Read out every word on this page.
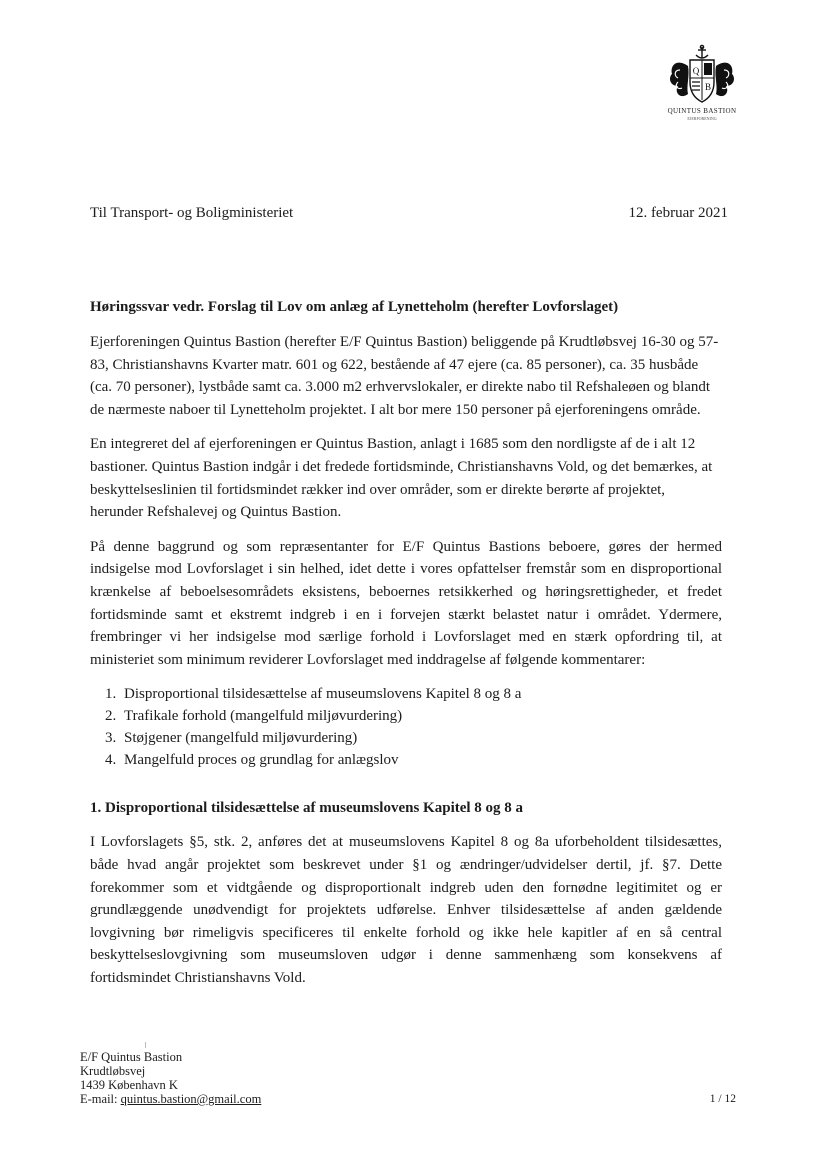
Q
B
QUINTUS BASTION
EJERFORENING
Til Transport- og Boligministeriet	12. februar 2021
Høringssvar vedr. Forslag til Lov om anlæg af Lynetteholm (herefter Lovforslaget)

Ejerforeningen Quintus Bastion (herefter E/F Quintus Bastion) beliggende på Krudtløbsvej 16-30 og 57-83, Christianshavns Kvarter matr. 601 og 622, bestående af 47 ejere (ca. 85 personer), ca. 35 husbåde (ca. 70 personer), lystbåde samt ca. 3.000 m2 erhvervslokaler, er direkte nabo til Refshaleøen og blandt de nærmeste naboer til Lynetteholm projektet. I alt bor mere 150 personer på ejerforeningens område.

En integreret del af ejerforeningen er Quintus Bastion, anlagt i 1685 som den nordligste af de i alt 12 bastioner. Quintus Bastion indgår i det fredede fortidsminde, Christianshavns Vold, og det bemærkes, at beskyttelseslinien til fortidsmindet rækker ind over områder, som er direkte berørte af projektet, herunder Refshalevej og Quintus Bastion.

På denne baggrund og som repræsentanter for E/F Quintus Bastions beboere, gøres der hermed indsigelse mod Lovforslaget i sin helhed, idet dette i vores opfattelser fremstår som en disproportional krænkelse af beboelsesområdets eksistens, beboernes retsikkerhed og høringsrettigheder, et fredet fortidsminde samt et ekstremt indgreb i en i forvejen stærkt belastet natur i området. Ydermere, frembringer vi her indsigelse mod særlige forhold i Lovforslaget med en stærk opfordring til, at ministeriet som minimum reviderer Lovforslaget med inddragelse af følgende kommentarer:

1. Disproportional tilsidesættelse af museumslovens Kapitel 8 og 8 a
2. Trafikale forhold (mangelfuld miljøvurdering)
3. Støjgener (mangelfuld miljøvurdering)
4. Mangelfuld proces og grundlag for anlægslov
1. Disproportional tilsidesættelse af museumslovens Kapitel 8 og 8 a

I Lovforslagets §5, stk. 2, anføres det at museumslovens Kapitel 8 og 8a uforbeholdent tilsidesættes, både hvad angår projektet som beskrevet under §1 og ændringer/udvidelser dertil, jf. §7. Dette forekommer som et vidtgående og disproportionalt indgreb uden den fornødne legitimitet og er grundlæggende unødvendigt for projektets udførelse. Enhver tilsidesættelse af anden gældende lovgivning bør rimeligvis specificeres til enkelte forhold og ikke hele kapitler af en så central beskyttelseslovgivning som museumsloven udgør i denne sammenhæng som konsekvens af fortidsmindet Christianshavns Vold.

E/F Quintus Bastion
Krudtløbsvej
1439 København K
E-mail: quintus.bastion@gmail.com	1 / 12
